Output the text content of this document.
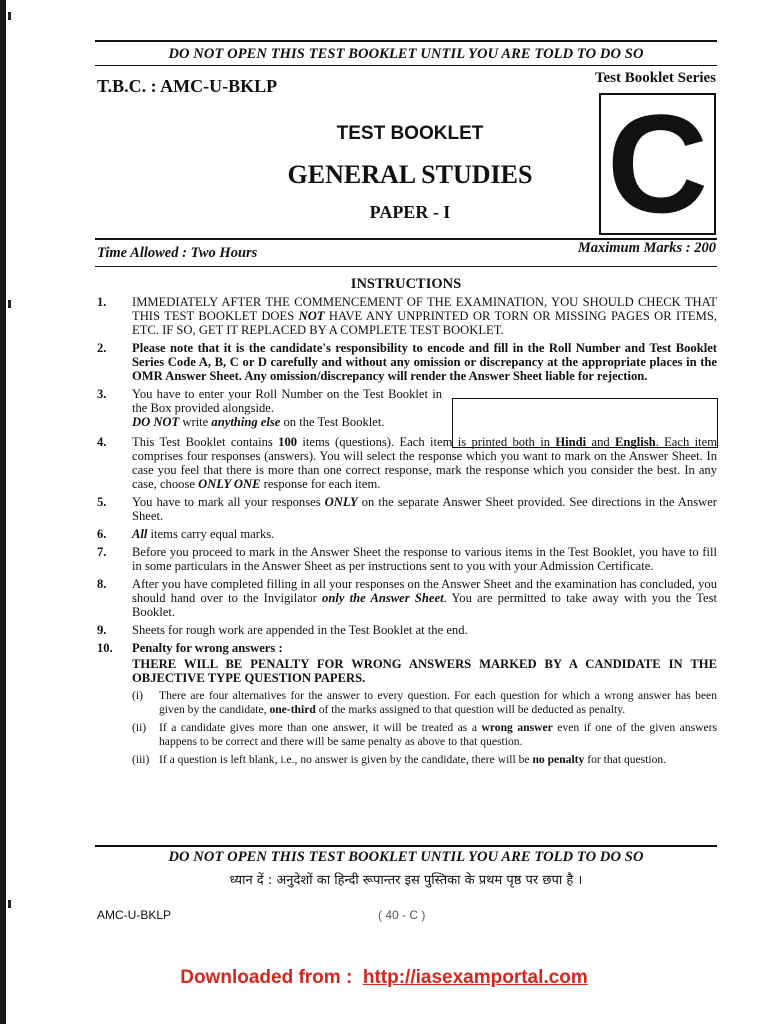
DO NOT OPEN THIS TEST BOOKLET UNTIL YOU ARE TOLD TO DO SO
T.B.C. : AMC-U-BKLP	Test Booklet Series
C
TEST BOOKLET
GENERAL STUDIES
PAPER - I
Time Allowed : Two Hours	Maximum Marks : 200
INSTRUCTIONS
1. IMMEDIATELY AFTER THE COMMENCEMENT OF THE EXAMINATION, YOU SHOULD CHECK THAT THIS TEST BOOKLET DOES NOT HAVE ANY UNPRINTED OR TORN OR MISSING PAGES OR ITEMS, ETC. IF SO, GET IT REPLACED BY A COMPLETE TEST BOOKLET.
2. Please note that it is the candidate's responsibility to encode and fill in the Roll Number and Test Booklet Series Code A, B, C or D carefully and without any omission or discrepancy at the appropriate places in the OMR Answer Sheet. Any omission/discrepancy will render the Answer Sheet liable for rejection.
3. You have to enter your Roll Number on the Test Booklet in the Box provided alongside.
DO NOT write anything else on the Test Booklet.
4. This Test Booklet contains 100 items (questions). Each item is printed both in Hindi and English. Each item comprises four responses (answers). You will select the response which you want to mark on the Answer Sheet. In case you feel that there is more than one correct response, mark the response which you consider the best. In any case, choose ONLY ONE response for each item.
5. You have to mark all your responses ONLY on the separate Answer Sheet provided. See directions in the Answer Sheet.
6. All items carry equal marks.
7. Before you proceed to mark in the Answer Sheet the response to various items in the Test Booklet, you have to fill in some particulars in the Answer Sheet as per instructions sent to you with your Admission Certificate.
8. After you have completed filling in all your responses on the Answer Sheet and the examination has concluded, you should hand over to the Invigilator only the Answer Sheet. You are permitted to take away with you the Test Booklet.
9. Sheets for rough work are appended in the Test Booklet at the end.
10. Penalty for wrong answers :
THERE WILL BE PENALTY FOR WRONG ANSWERS MARKED BY A CANDIDATE IN THE OBJECTIVE TYPE QUESTION PAPERS.
(i) There are four alternatives for the answer to every question. For each question for which a wrong answer has been given by the candidate, one-third of the marks assigned to that question will be deducted as penalty.
(ii) If a candidate gives more than one answer, it will be treated as a wrong answer even if one of the given answers happens to be correct and there will be same penalty as above to that question.
(iii) If a question is left blank, i.e., no answer is given by the candidate, there will be no penalty for that question.
DO NOT OPEN THIS TEST BOOKLET UNTIL YOU ARE TOLD TO DO SO
ध्यान दें : अनुदेशों का हिन्दी रूपान्तर इस पुस्तिका के प्रथम पृष्ठ पर छपा है ।
AMC-U-BKLP	( 40 - C )
Downloaded from : http://iasexamportal.com
